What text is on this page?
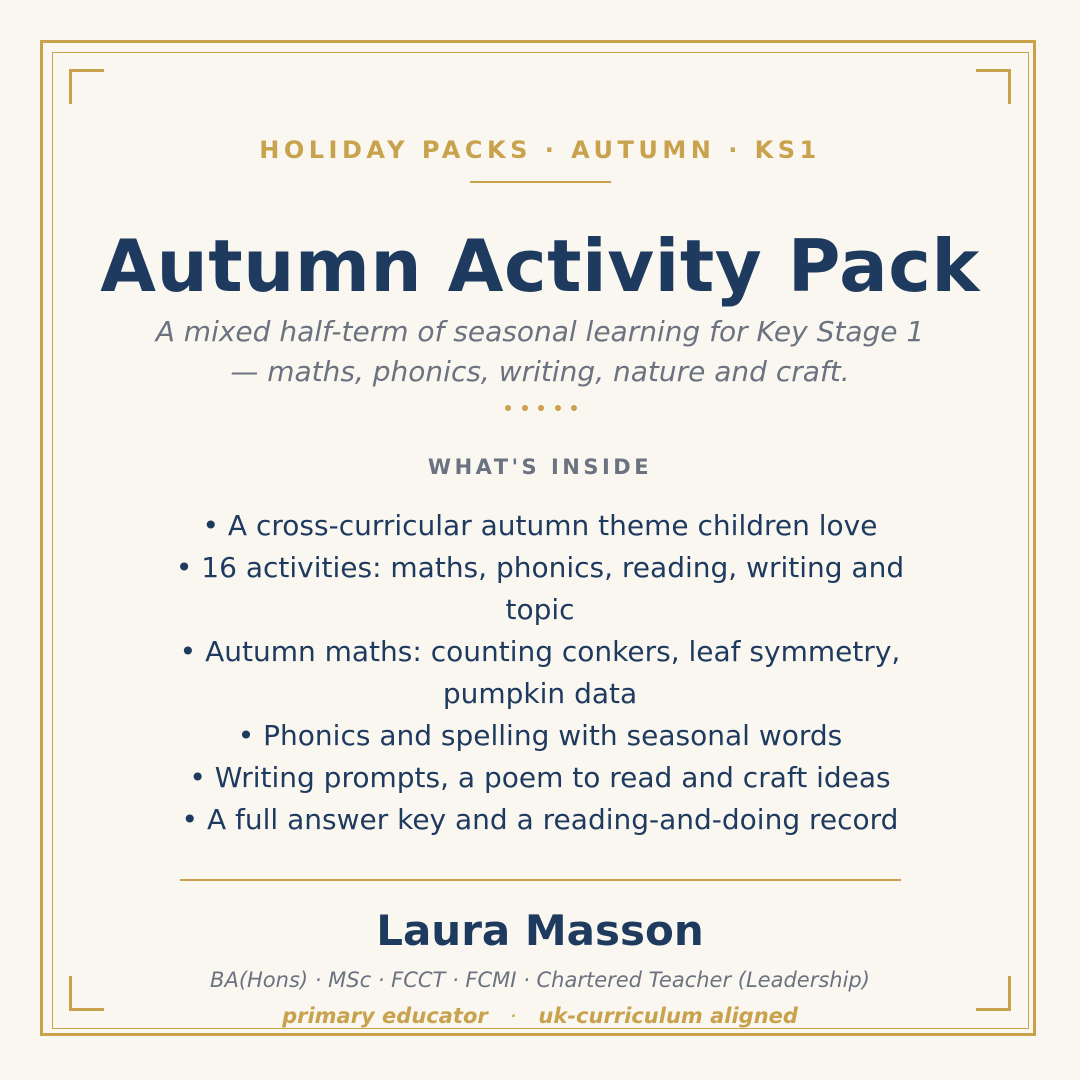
HOLIDAY PACKS · AUTUMN · KS1
Autumn Activity Pack
A mixed half-term of seasonal learning for Key Stage 1
— maths, phonics, writing, nature and craft.
WHAT'S INSIDE
• A cross-curricular autumn theme children love
• 16 activities: maths, phonics, reading, writing and topic
• Autumn maths: counting conkers, leaf symmetry, pumpkin data
• Phonics and spelling with seasonal words
• Writing prompts, a poem to read and craft ideas
• A full answer key and a reading-and-doing record
Laura Masson
BA(Hons) · MSc · FCCT · FCMI · Chartered Teacher (Leadership)
primary educator · uk-curriculum aligned
